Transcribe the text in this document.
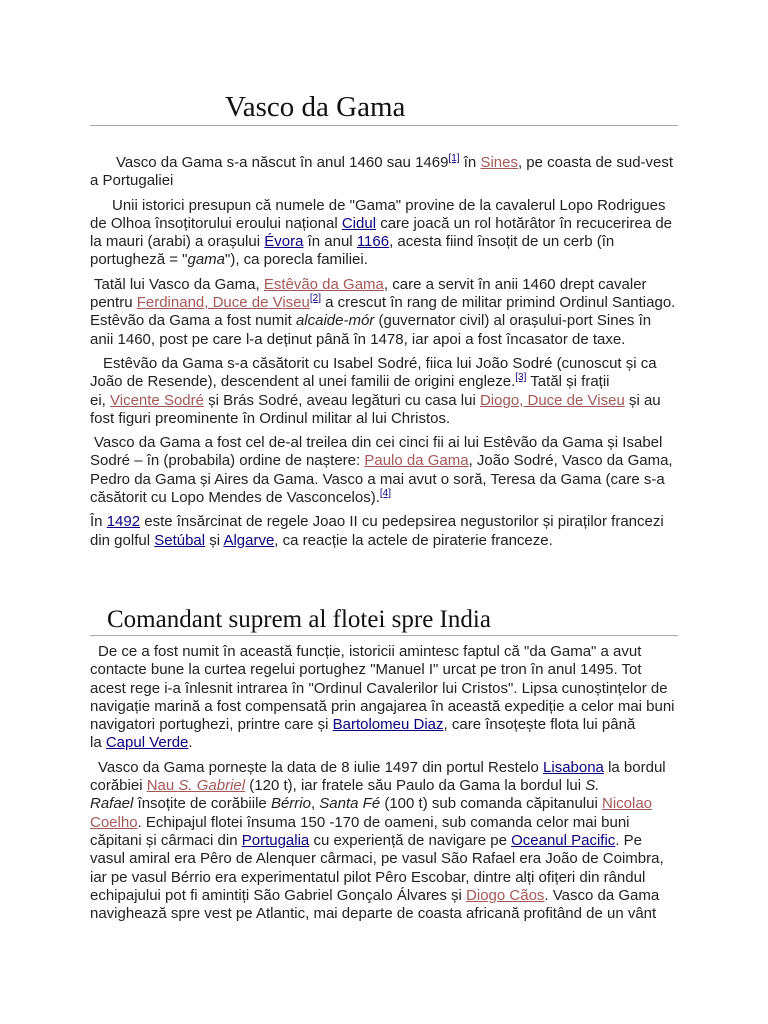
Vasco da Gama
Vasco da Gama s-a născut în anul 1460 sau 1469[1] în Sines, pe coasta de sud-vest
a Portugaliei
Unii istorici presupun că numele de "Gama" provine de la cavalerul Lopo Rodrigues
de Olhoa însoțitorului eroului național Cidul care joacă un rol hotărâtor în recucerirea de
la mauri (arabi) a orașului Évora în anul 1166, acesta fiind însoțit de un cerb (în
portugheză = "gama"), ca porecla familiei.
Tatăl lui Vasco da Gama, Estêvão da Gama, care a servit în anii 1460 drept cavaler
pentru Ferdinand, Duce de Viseu[2] a crescut în rang de militar primind Ordinul Santiago.
Estêvão da Gama a fost numit alcaide-mór (guvernator civil) al orașului-port Sines în
anii 1460, post pe care l-a deținut până în 1478, iar apoi a fost încasator de taxe.
Estêvão da Gama s-a căsătorit cu Isabel Sodré, fiica lui João Sodré (cunoscut și ca
João de Resende), descendent al unei familii de origini engleze.[3] Tatăl și frații
ei, Vicente Sodré și Brás Sodré, aveau legături cu casa lui Diogo, Duce de Viseu și au
fost figuri preominente în Ordinul militar al lui Christos.
Vasco da Gama a fost cel de-al treilea din cei cinci fii ai lui Estêvão da Gama și Isabel
Sodré – în (probabila) ordine de naștere: Paulo da Gama, João Sodré, Vasco da Gama,
Pedro da Gama și Aires da Gama. Vasco a mai avut o soră, Teresa da Gama (care s-a
căsătorit cu Lopo Mendes de Vasconcelos).[4]
În 1492 este însărcinat de regele Joao II cu pedepsirea negustorilor și piraților francezi
din golful Setúbal și Algarve, ca reacție la actele de piraterie franceze.
Comandant suprem al flotei spre India
De ce a fost numit în această funcție, istoricii amintesc faptul că "da Gama" a avut
contacte bune la curtea regelui portughez "Manuel I" urcat pe tron în anul 1495. Tot
acest rege i-a înlesnit intrarea în "Ordinul Cavalerilor lui Cristos". Lipsa cunoștințelor de
navigație marină a fost compensată prin angajarea în această expediție a celor mai buni
navigatori portughezi, printre care și Bartolomeu Diaz, care însoțește flota lui până
la Capul Verde.
Vasco da Gama pornește la data de 8 iulie 1497 din portul Restelo Lisabona la bordul
corăbiei Nau S. Gabriel (120 t), iar fratele său Paulo da Gama la bordul lui S.
Rafael însoțite de corăbiile Bérrio, Santa Fé (100 t) sub comanda căpitanului Nicolao
Coelho. Echipajul flotei însuma 150 -170 de oameni, sub comanda celor mai buni
căpitani și cârmaci din Portugalia cu experiență de navigare pe Oceanul Pacific. Pe
vasul amiral era Pêro de Alenquer cârmaci, pe vasul São Rafael era João de Coimbra,
iar pe vasul Bérrio era experimentatul pilot Pêro Escobar, dintre alți ofițeri din rândul
echipajului pot fi amintiți São Gabriel Gonçalo Álvares și Diogo Cãos. Vasco da Gama
navighează spre vest pe Atlantic, mai departe de coasta africană profitând de un vânt
